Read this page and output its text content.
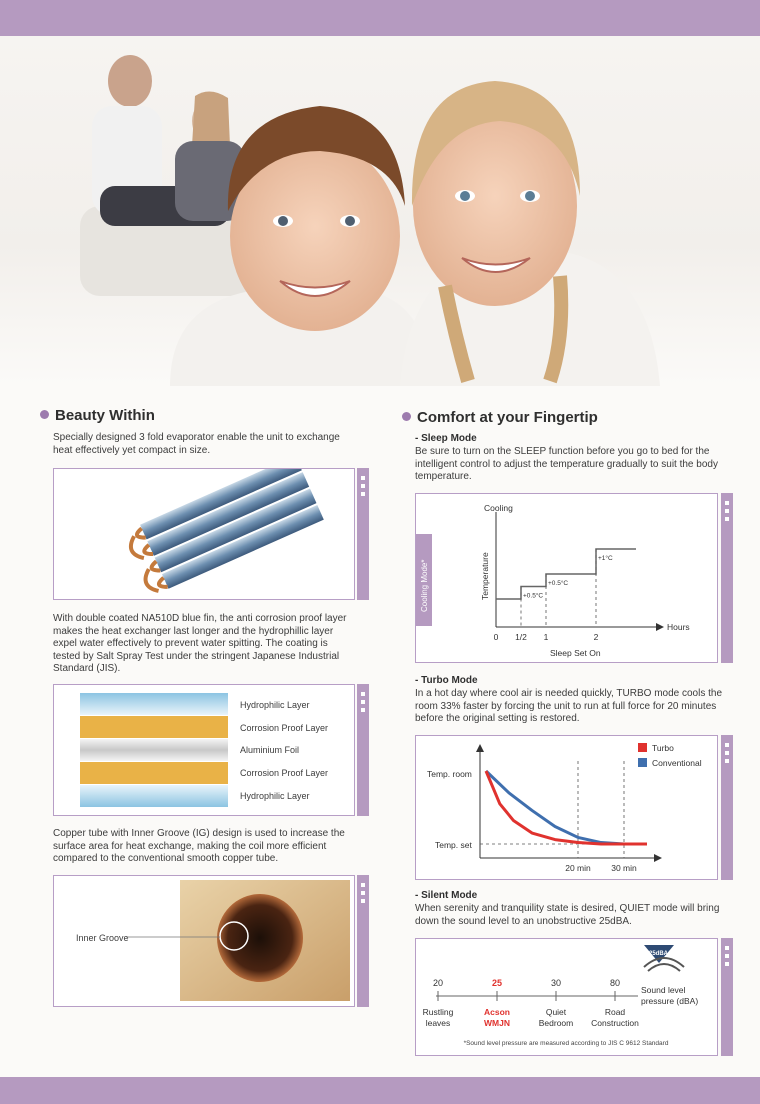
Beauty Within
Specially designed 3 fold evaporator enable the unit to exchange heat effectively yet compact in size.
With double coated NA510D blue fin, the anti corrosion proof layer makes the heat exchanger last longer and the hydrophillic layer expel water effectively to prevent water spitting. The coating is tested by Salt Spray Test under the stringent Japanese Industrial Standard (JIS).
Hydrophilic Layer
Corrosion Proof Layer
Aluminium Foil
Corrosion Proof Layer
Hydrophilic Layer
Copper tube with Inner Groove (IG) design is used to increase the surface area for heat exchange, making the coil more efficient compared to the conventional smooth copper tube.
Inner Groove
Comfort at your Fingertip
- Sleep Mode
Be sure to turn on the SLEEP function before you go to bed for the intelligent control to adjust the temperature gradually to suit the body temperature.
Cooling Mode*
Cooling
Temperature
Hours
0 1/2 1	2
+0.5°C
+0.5°C
+1°C
Sleep Set On
- Turbo Mode
In a hot day where cool air is needed quickly, TURBO mode cools the room 33% faster by forcing the unit to run at full force for 20 minutes before the original setting is restored.
Temp. room
Temp. set
20 min 30 min
Turbo
Conventional
- Silent Mode
When serenity and tranquility state is desired, QUIET mode will bring down the sound level to an unobstructive 25dBA.
20
Rustling leaves
25
Acson WMJN
30
Quiet Bedroom
80
Road Construction
Sound level pressure (dBA)
25dBA
*Sound level pressure are measured according to JIS C 9612 Standard
